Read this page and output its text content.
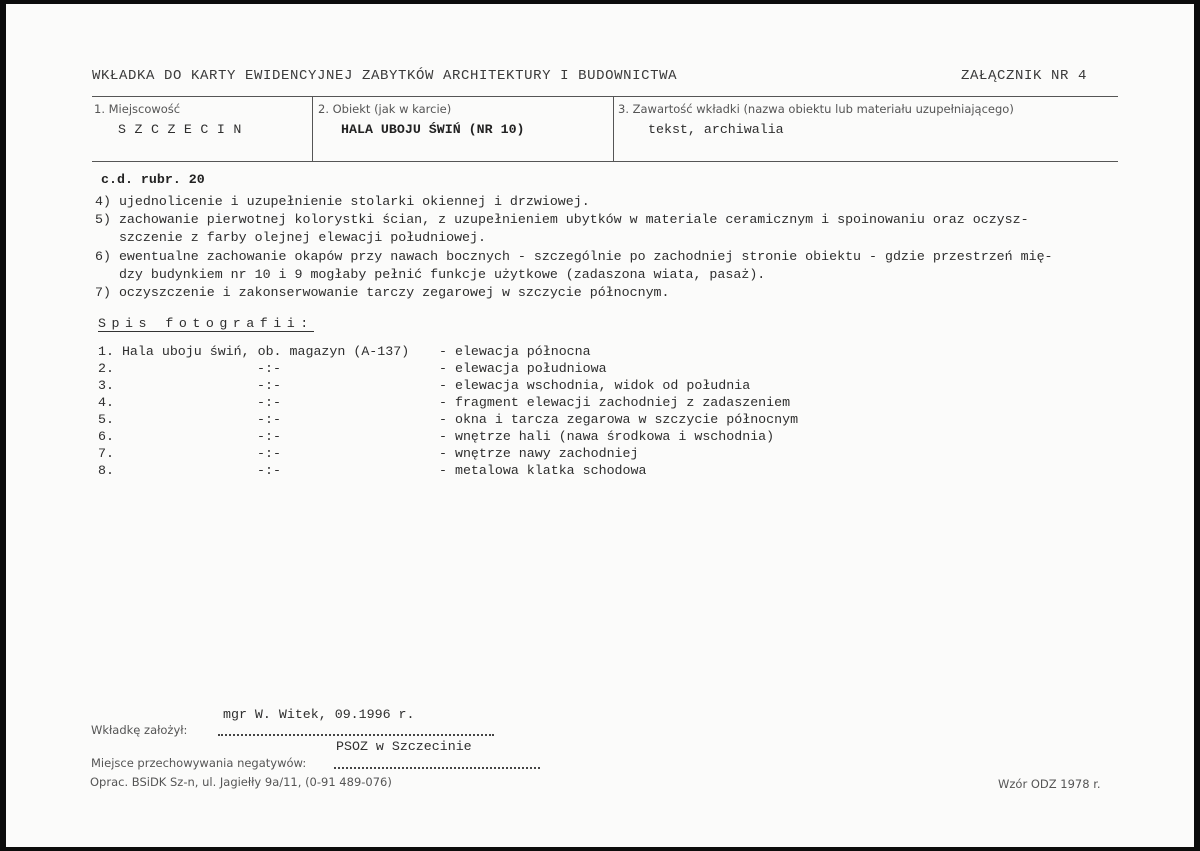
WKŁADKA DO KARTY EWIDENCYJNEJ ZABYTKÓW ARCHITEKTURY I BUDOWNICTWA	ZAŁĄCZNIK NR 4
1. Miejscowość
SZCZECIN
2. Obiekt (jak w karcie)
HALA UBOJU ŚWIŃ (NR 10)
3. Zawartość wkładki (nazwa obiektu lub materiału uzupełniającego)
tekst, archiwalia
c.d. rubr. 20
4) ujednolicenie i uzupełnienie stolarki okiennej i drzwiowej.
5) zachowanie pierwotnej kolorystki ścian, z uzupełnieniem ubytków w materiale ceramicznym i spoinowaniu oraz oczysz-
szczenie z farby olejnej elewacji południowej.
6) ewentualne zachowanie okapów przy nawach bocznych - szczególnie po zachodniej stronie obiektu - gdzie przestrzeń mię-
dzy budynkiem nr 10 i 9 mogłaby pełnić funkcje użytkowe (zadaszona wiata, pasaż).
7) oczyszczenie i zakonserwowanie tarczy zegarowej w szczycie północnym.
Spis fotografii:
1. Hala uboju świń, ob. magazyn (A-137) - elewacja północna
2.	-:-	- elewacja południowa
3.	-:-	- elewacja wschodnia, widok od południa
4.	-:-	- fragment elewacji zachodniej z zadaszeniem
5.	-:-	- okna i tarcza zegarowa w szczycie północnym
6.	-:-	- wnętrze hali (nawa środkowa i wschodnia)
7.	-:-	- wnętrze nawy zachodniej
8.	-:-	- metalowa klatka schodowa
mgr W. Witek, 09.1996 r.
Wkładkę założył:
PSOZ w Szczecinie
Miejsce przechowywania negatywów:
Oprac. BSiDK Sz-n, ul. Jagiełły 9a/11, (0-91 489-076)	Wzór ODZ 1978 r.
